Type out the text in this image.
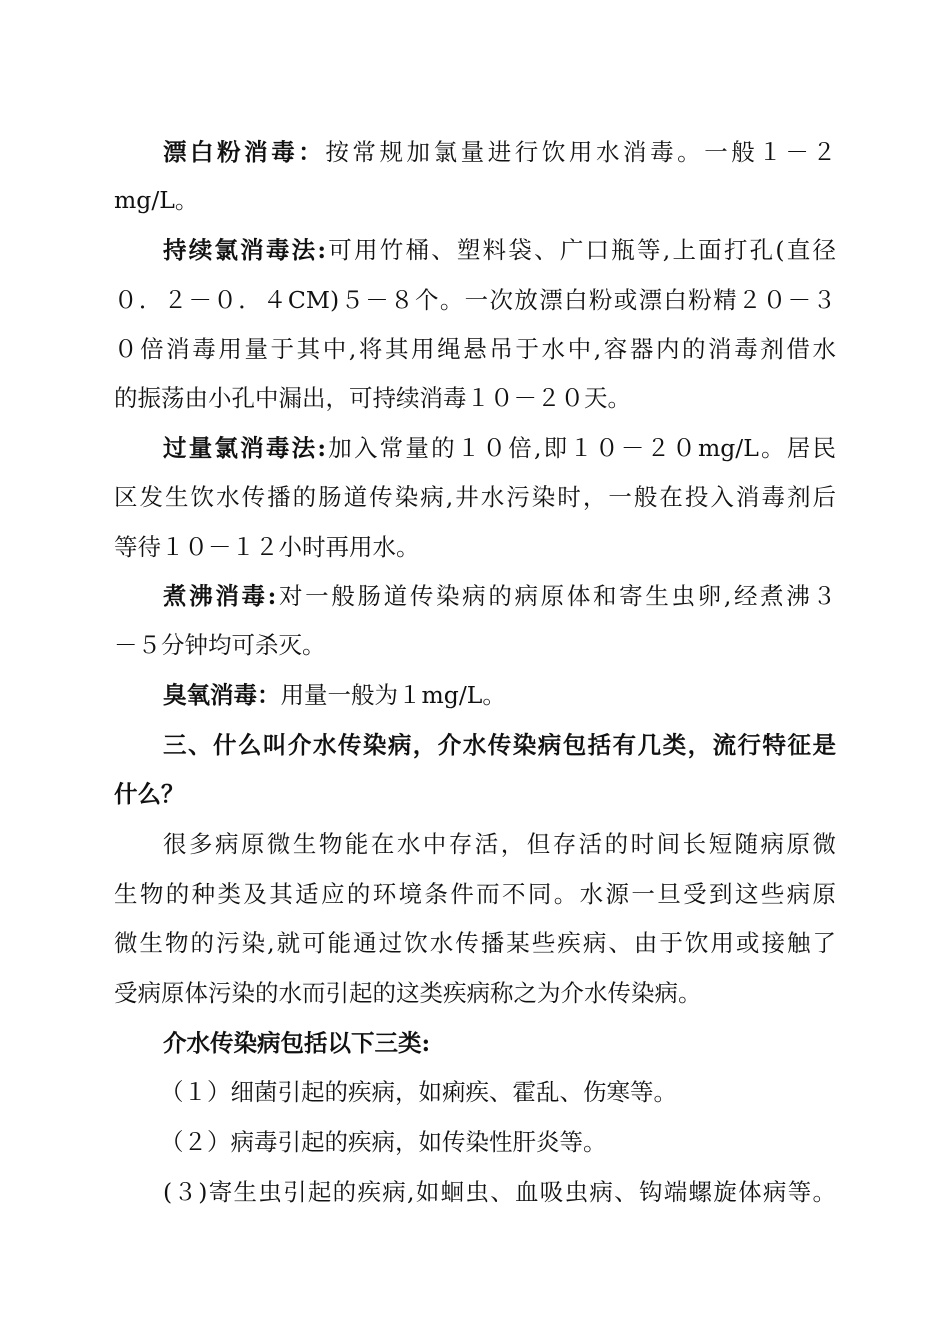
漂白粉消毒：按常规加氯量进行饮用水消毒。一般１－２
mg/L。
持续氯消毒法:可用竹桶、塑料袋、广口瓶等,上面打孔(直径
０．２－０．４CM)５－８个。一次放漂白粉或漂白粉精２０－３
０倍消毒用量于其中,将其用绳悬吊于水中,容器内的消毒剂借水
的振荡由小孔中漏出，可持续消毒１０－２０天。
过量氯消毒法:加入常量的１０倍,即１０－２０mg/L。居民
区发生饮水传播的肠道传染病,井水污染时，一般在投入消毒剂后
等待１０－１２小时再用水。
煮沸消毒:对一般肠道传染病的病原体和寄生虫卵,经煮沸３
－５分钟均可杀灭。
臭氧消毒：用量一般为１mg/L。
三、什么叫介水传染病，介水传染病包括有几类，流行特征是
什么？
很多病原微生物能在水中存活，但存活的时间长短随病原微
生物的种类及其适应的环境条件而不同。水源一旦受到这些病原
微生物的污染,就可能通过饮水传播某些疾病、由于饮用或接触了
受病原体污染的水而引起的这类疾病称之为介水传染病。
介水传染病包括以下三类:
（１）细菌引起的疾病，如痢疾、霍乱、伤寒等。
（２）病毒引起的疾病，如传染性肝炎等。
(３)寄生虫引起的疾病,如蛔虫、血吸虫病、钩端螺旋体病等。
